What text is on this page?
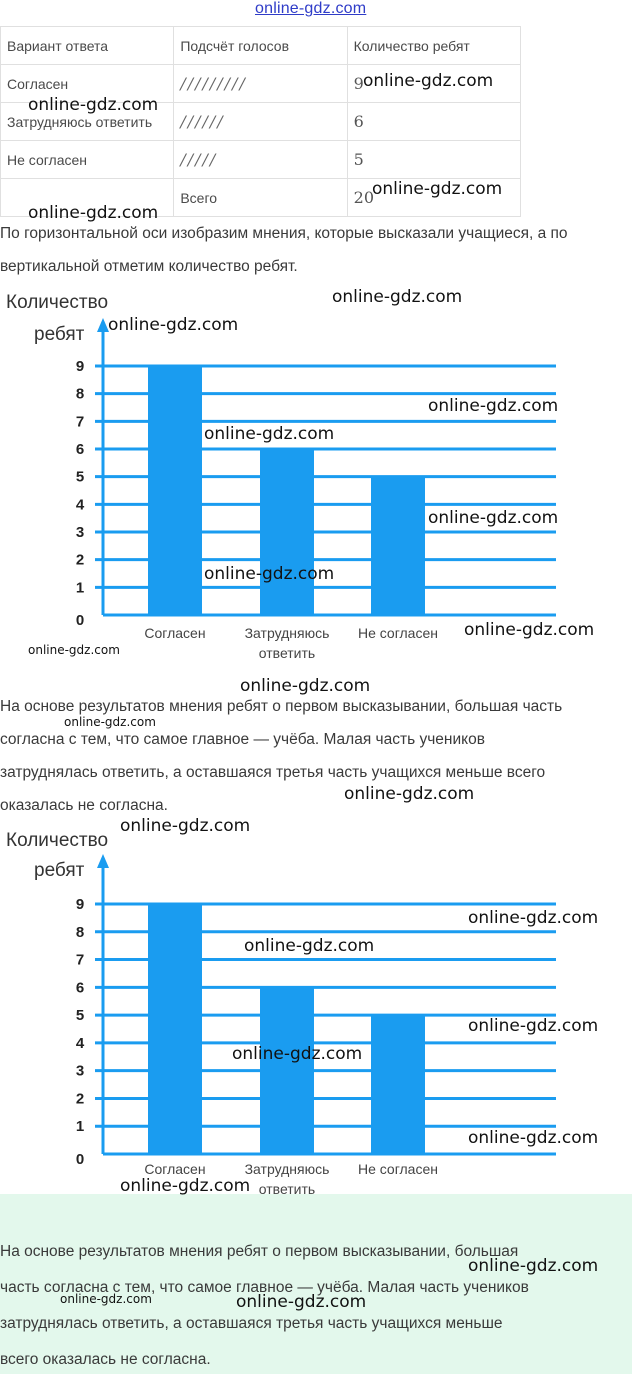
online-gdz.com
Вариант ответа	Подсчёт голосов	Количество ребят
Согласен	/////////	9
Затрудняюсь ответить	//////	6
Не согласен	/////	5
	Всего	20
По горизонтальной оси изобразим мнения, которые высказали учащиеся, а по
вертикальной отметим количество ребят.
Количество
ребят
0
1
2
3
4
5
6
7
8
9
Согласен	Затрудняюсь
ответить
Не согласен
На основе результатов мнения ребят о первом высказывании, большая часть
согласна с тем, что самое главное — учёба. Малая часть учеников
затруднялась ответить, а оставшаяся третья часть учащихся меньше всего
оказалась не согласна.
Количество
ребят
0
1
2
3
4
5
6
7
8
9
Согласен	Затрудняюсь
ответить
Не согласен
На основе результатов мнения ребят о первом высказывании, большая
часть согласна с тем, что самое главное — учёба. Малая часть учеников
затруднялась ответить, а оставшаяся третья часть учащихся меньше
всего оказалась не согласна.
online-gdz.com
online-gdz.com
online-gdz.com
online-gdz.com
online-gdz.com
online-gdz.com
online-gdz.com
online-gdz.com
online-gdz.com
online-gdz.com
online-gdz.com
online-gdz.com
online-gdz.com
online-gdz.com
online-gdz.com
online-gdz.com
online-gdz.com
online-gdz.com
online-gdz.com
online-gdz.com
online-gdz.com
online-gdz.com
online-gdz.com
online-gdz.com	online-gdz.com
